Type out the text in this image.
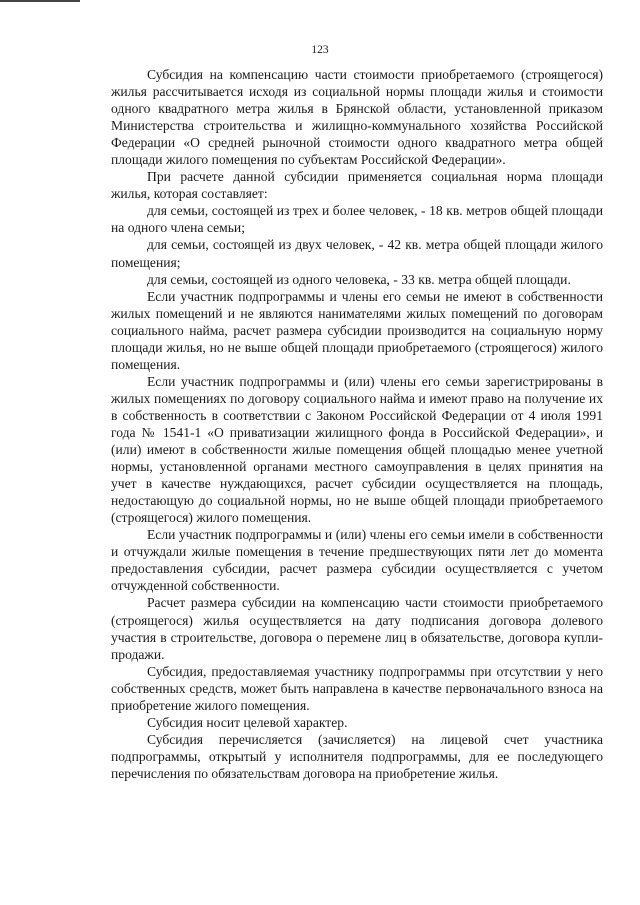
123

Субсидия на компенсацию части стоимости приобретаемого (строящегося) жилья рассчитывается исходя из социальной нормы площади жилья и стоимости одного квадратного метра жилья в Брянской области, установленной приказом Министерства строительства и жилищно-коммунального хозяйства Российской Федерации «О средней рыночной стоимости одного квадратного метра общей площади жилого помещения по субъектам Российской Федерации».

При расчете данной субсидии применяется социальная норма площади жилья, которая составляет:

для семьи, состоящей из трех и более человек, - 18 кв. метров общей площади на одного члена семьи;

для семьи, состоящей из двух человек, - 42 кв. метра общей площади жилого помещения;

для семьи, состоящей из одного человека, - 33 кв. метра общей площади.

Если участник подпрограммы и члены его семьи не имеют в собственности жилых помещений и не являются нанимателями жилых помещений по договорам социального найма, расчет размера субсидии производится на социальную норму площади жилья, но не выше общей площади приобретаемого (строящегося) жилого помещения.

Если участник подпрограммы и (или) члены его семьи зарегистрированы в жилых помещениях по договору социального найма и имеют право на получение их в собственность в соответствии с Законом Российской Федерации от 4 июля 1991 года № 1541-1 «О приватизации жилищного фонда в Российской Федерации», и (или) имеют в собственности жилые помещения общей площадью менее учетной нормы, установленной органами местного самоуправления в целях принятия на учет в качестве нуждающихся, расчет субсидии осуществляется на площадь, недостающую до социальной нормы, но не выше общей площади приобретаемого (строящегося) жилого помещения.

Если участник подпрограммы и (или) члены его семьи имели в собственности и отчуждали жилые помещения в течение предшествующих пяти лет до момента предоставления субсидии, расчет размера субсидии осуществляется с учетом отчужденной собственности.

Расчет размера субсидии на компенсацию части стоимости приобретаемого (строящегося) жилья осуществляется на дату подписания договора долевого участия в строительстве, договора о перемене лиц в обязательстве, договора купли-продажи.

Субсидия, предоставляемая участнику подпрограммы при отсутствии у него собственных средств, может быть направлена в качестве первоначального взноса на приобретение жилого помещения.

Субсидия носит целевой характер.

Субсидия перечисляется (зачисляется) на лицевой счет участника подпрограммы, открытый у исполнителя подпрограммы, для ее последующего перечисления по обязательствам договора на приобретение жилья.
